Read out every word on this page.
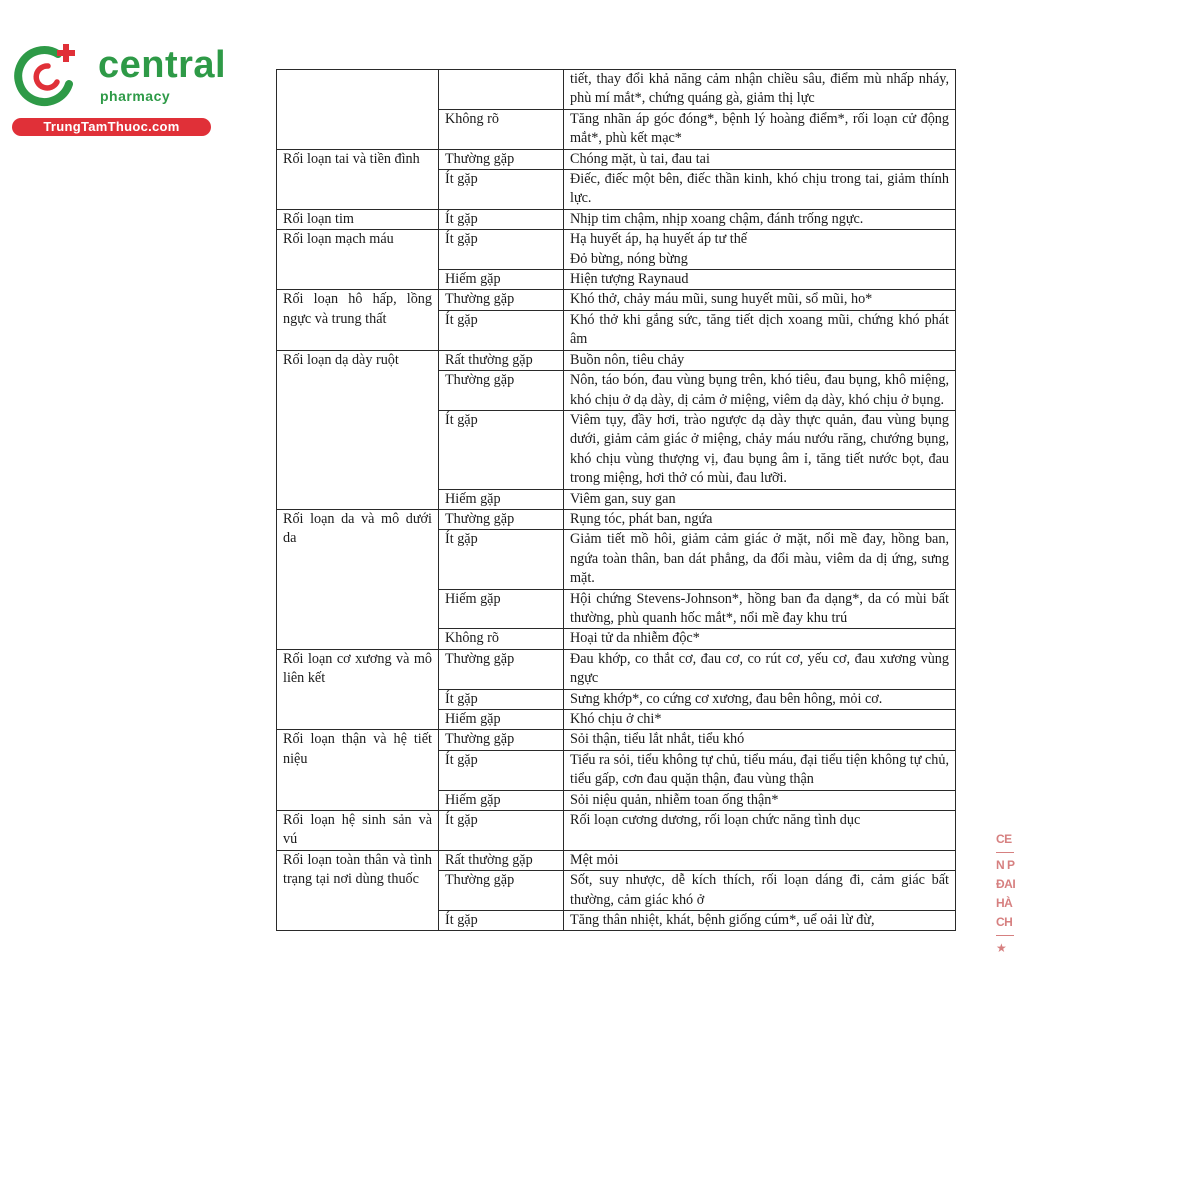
central
pharmacy
TrungTamThuoc.com
		tiết, thay đổi khả năng cảm nhận chiều sâu, điểm mù nhấp nháy, phù mí mắt*, chứng quáng gà, giảm thị lực
	Không rõ	Tăng nhãn áp góc đóng*, bệnh lý hoàng điểm*, rối loạn cử động mắt*, phù kết mạc*
Rối loạn tai và tiền đình	Thường gặp	Chóng mặt, ù tai, đau tai
	Ít gặp	Điếc, điếc một bên, điếc thần kinh, khó chịu trong tai, giảm thính lực.
Rối loạn tim	Ít gặp	Nhịp tim chậm, nhịp xoang chậm, đánh trống ngực.
Rối loạn mạch máu	Ít gặp	Hạ huyết áp, hạ huyết áp tư thế
Đỏ bừng, nóng bừng
	Hiếm gặp	Hiện tượng Raynaud
Rối loạn hô hấp, lồng ngực và trung thất	Thường gặp	Khó thở, chảy máu mũi, sung huyết mũi, sổ mũi, ho*
	Ít gặp	Khó thở khi gắng sức, tăng tiết dịch xoang mũi, chứng khó phát âm
Rối loạn dạ dày ruột	Rất thường gặp	Buồn nôn, tiêu chảy
	Thường gặp	Nôn, táo bón, đau vùng bụng trên, khó tiêu, đau bụng, khô miệng, khó chịu ở dạ dày, dị cảm ở miệng, viêm dạ dày, khó chịu ở bụng.
	Ít gặp	Viêm tụy, đầy hơi, trào ngược dạ dày thực quản, đau vùng bụng dưới, giảm cảm giác ở miệng, chảy máu nướu răng, chướng bụng, khó chịu vùng thượng vị, đau bụng âm ỉ, tăng tiết nước bọt, đau trong miệng, hơi thở có mùi, đau lưỡi.
	Hiếm gặp	Viêm gan, suy gan
Rối loạn da và mô dưới da	Thường gặp	Rụng tóc, phát ban, ngứa
	Ít gặp	Giảm tiết mồ hôi, giảm cảm giác ở mặt, nổi mề đay, hồng ban, ngứa toàn thân, ban dát phẳng, da đổi màu, viêm da dị ứng, sưng mặt.
	Hiếm gặp	Hội chứng Stevens-Johnson*, hồng ban đa dạng*, da có mùi bất thường, phù quanh hốc mắt*, nổi mề đay khu trú
	Không rõ	Hoại tử da nhiễm độc*
Rối loạn cơ xương và mô liên kết	Thường gặp	Đau khớp, co thắt cơ, đau cơ, co rút cơ, yếu cơ, đau xương vùng ngực
	Ít gặp	Sưng khớp*, co cứng cơ xương, đau bên hông, mỏi cơ.
	Hiếm gặp	Khó chịu ở chi*
Rối loạn thận và hệ tiết niệu	Thường gặp	Sỏi thận, tiểu lắt nhắt, tiểu khó
	Ít gặp	Tiểu ra sỏi, tiểu không tự chủ, tiểu máu, đại tiểu tiện không tự chủ, tiểu gấp, cơn đau quặn thận, đau vùng thận
	Hiếm gặp	Sỏi niệu quản, nhiễm toan ống thận*
Rối loạn hệ sinh sản và vú	Ít gặp	Rối loạn cương dương, rối loạn chức năng tình dục
Rối loạn toàn thân và tình trạng tại nơi dùng thuốc	Rất thường gặp	Mệt mỏi
	Thường gặp	Sốt, suy nhược, dễ kích thích, rối loạn dáng đi, cảm giác bất thường, cảm giác khó ở
	Ít gặp	Tăng thân nhiệt, khát, bệnh giống cúm*, uể oải lừ đừ,
CE
N P
ĐAI
HÀ
CH
★
